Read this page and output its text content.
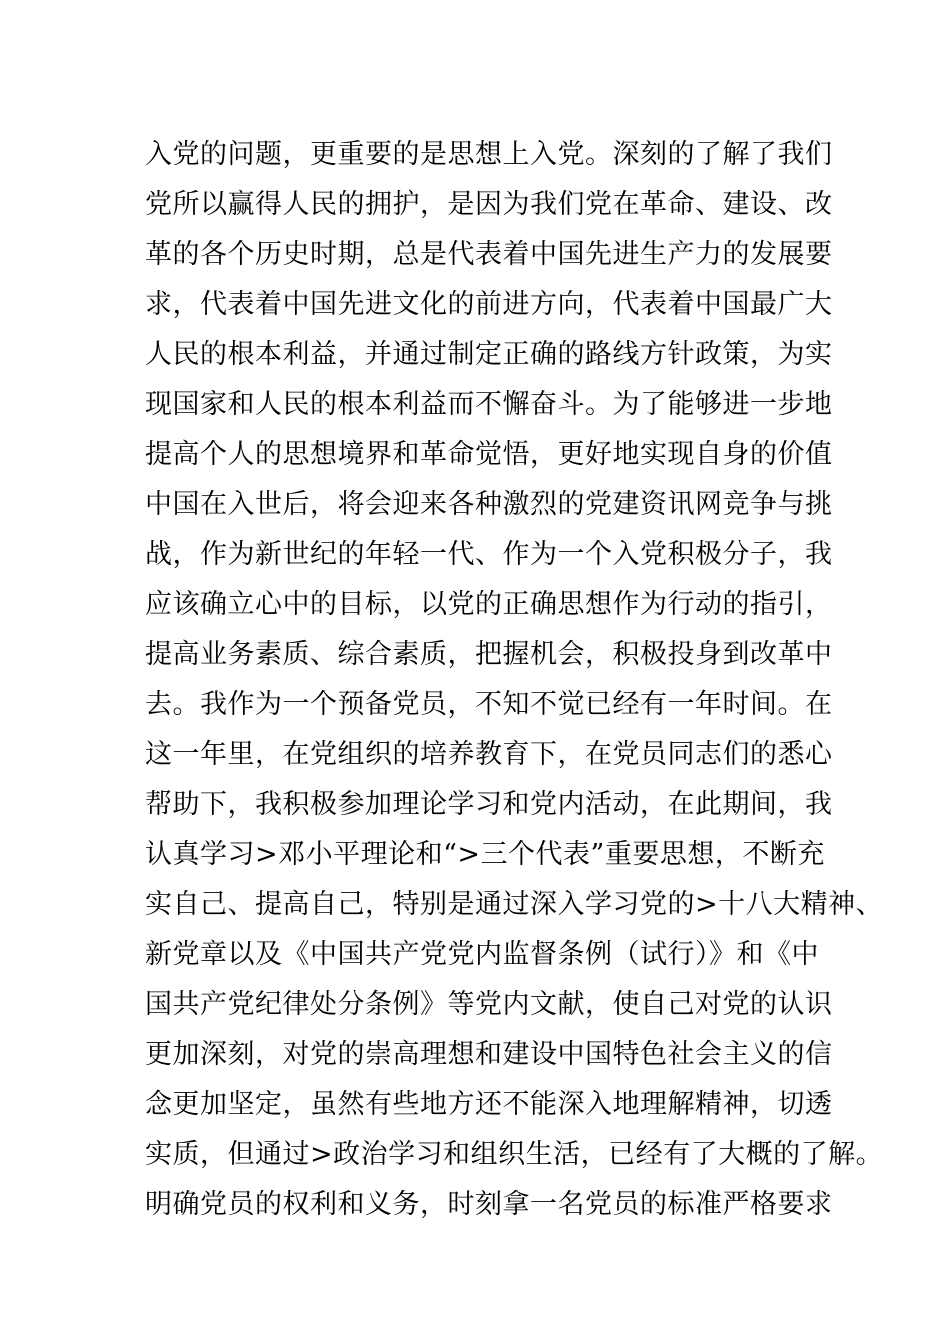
入党的问题，更重要的是思想上入党。深刻的了解了我们
党所以赢得人民的拥护，是因为我们党在革命、建设、改
革的各个历史时期，总是代表着中国先进生产力的发展要
求，代表着中国先进文化的前进方向，代表着中国最广大
人民的根本利益，并通过制定正确的路线方针政策，为实
现国家和人民的根本利益而不懈奋斗。为了能够进一步地
提高个人的思想境界和革命觉悟，更好地实现自身的价值
中国在入世后，将会迎来各种激烈的党建资讯网竞争与挑
战，作为新世纪的年轻一代、作为一个入党积极分子，我
应该确立心中的目标，以党的正确思想作为行动的指引，
提高业务素质、综合素质，把握机会，积极投身到改革中
去。我作为一个预备党员，不知不觉已经有一年时间。在
这一年里，在党组织的培养教育下，在党员同志们的悉心
帮助下，我积极参加理论学习和党内活动，在此期间，我
认真学习>邓小平理论和“>三个代表”重要思想，不断充
实自己、提高自己，特别是通过深入学习党的>十八大精神、
新党章以及《中国共产党党内监督条例（试行）》和《中
国共产党纪律处分条例》等党内文献，使自己对党的认识
更加深刻，对党的崇高理想和建设中国特色社会主义的信
念更加坚定，虽然有些地方还不能深入地理解精神，切透
实质，但通过>政治学习和组织生活，已经有了大概的了解。
明确党员的权利和义务，时刻拿一名党员的标准严格要求
